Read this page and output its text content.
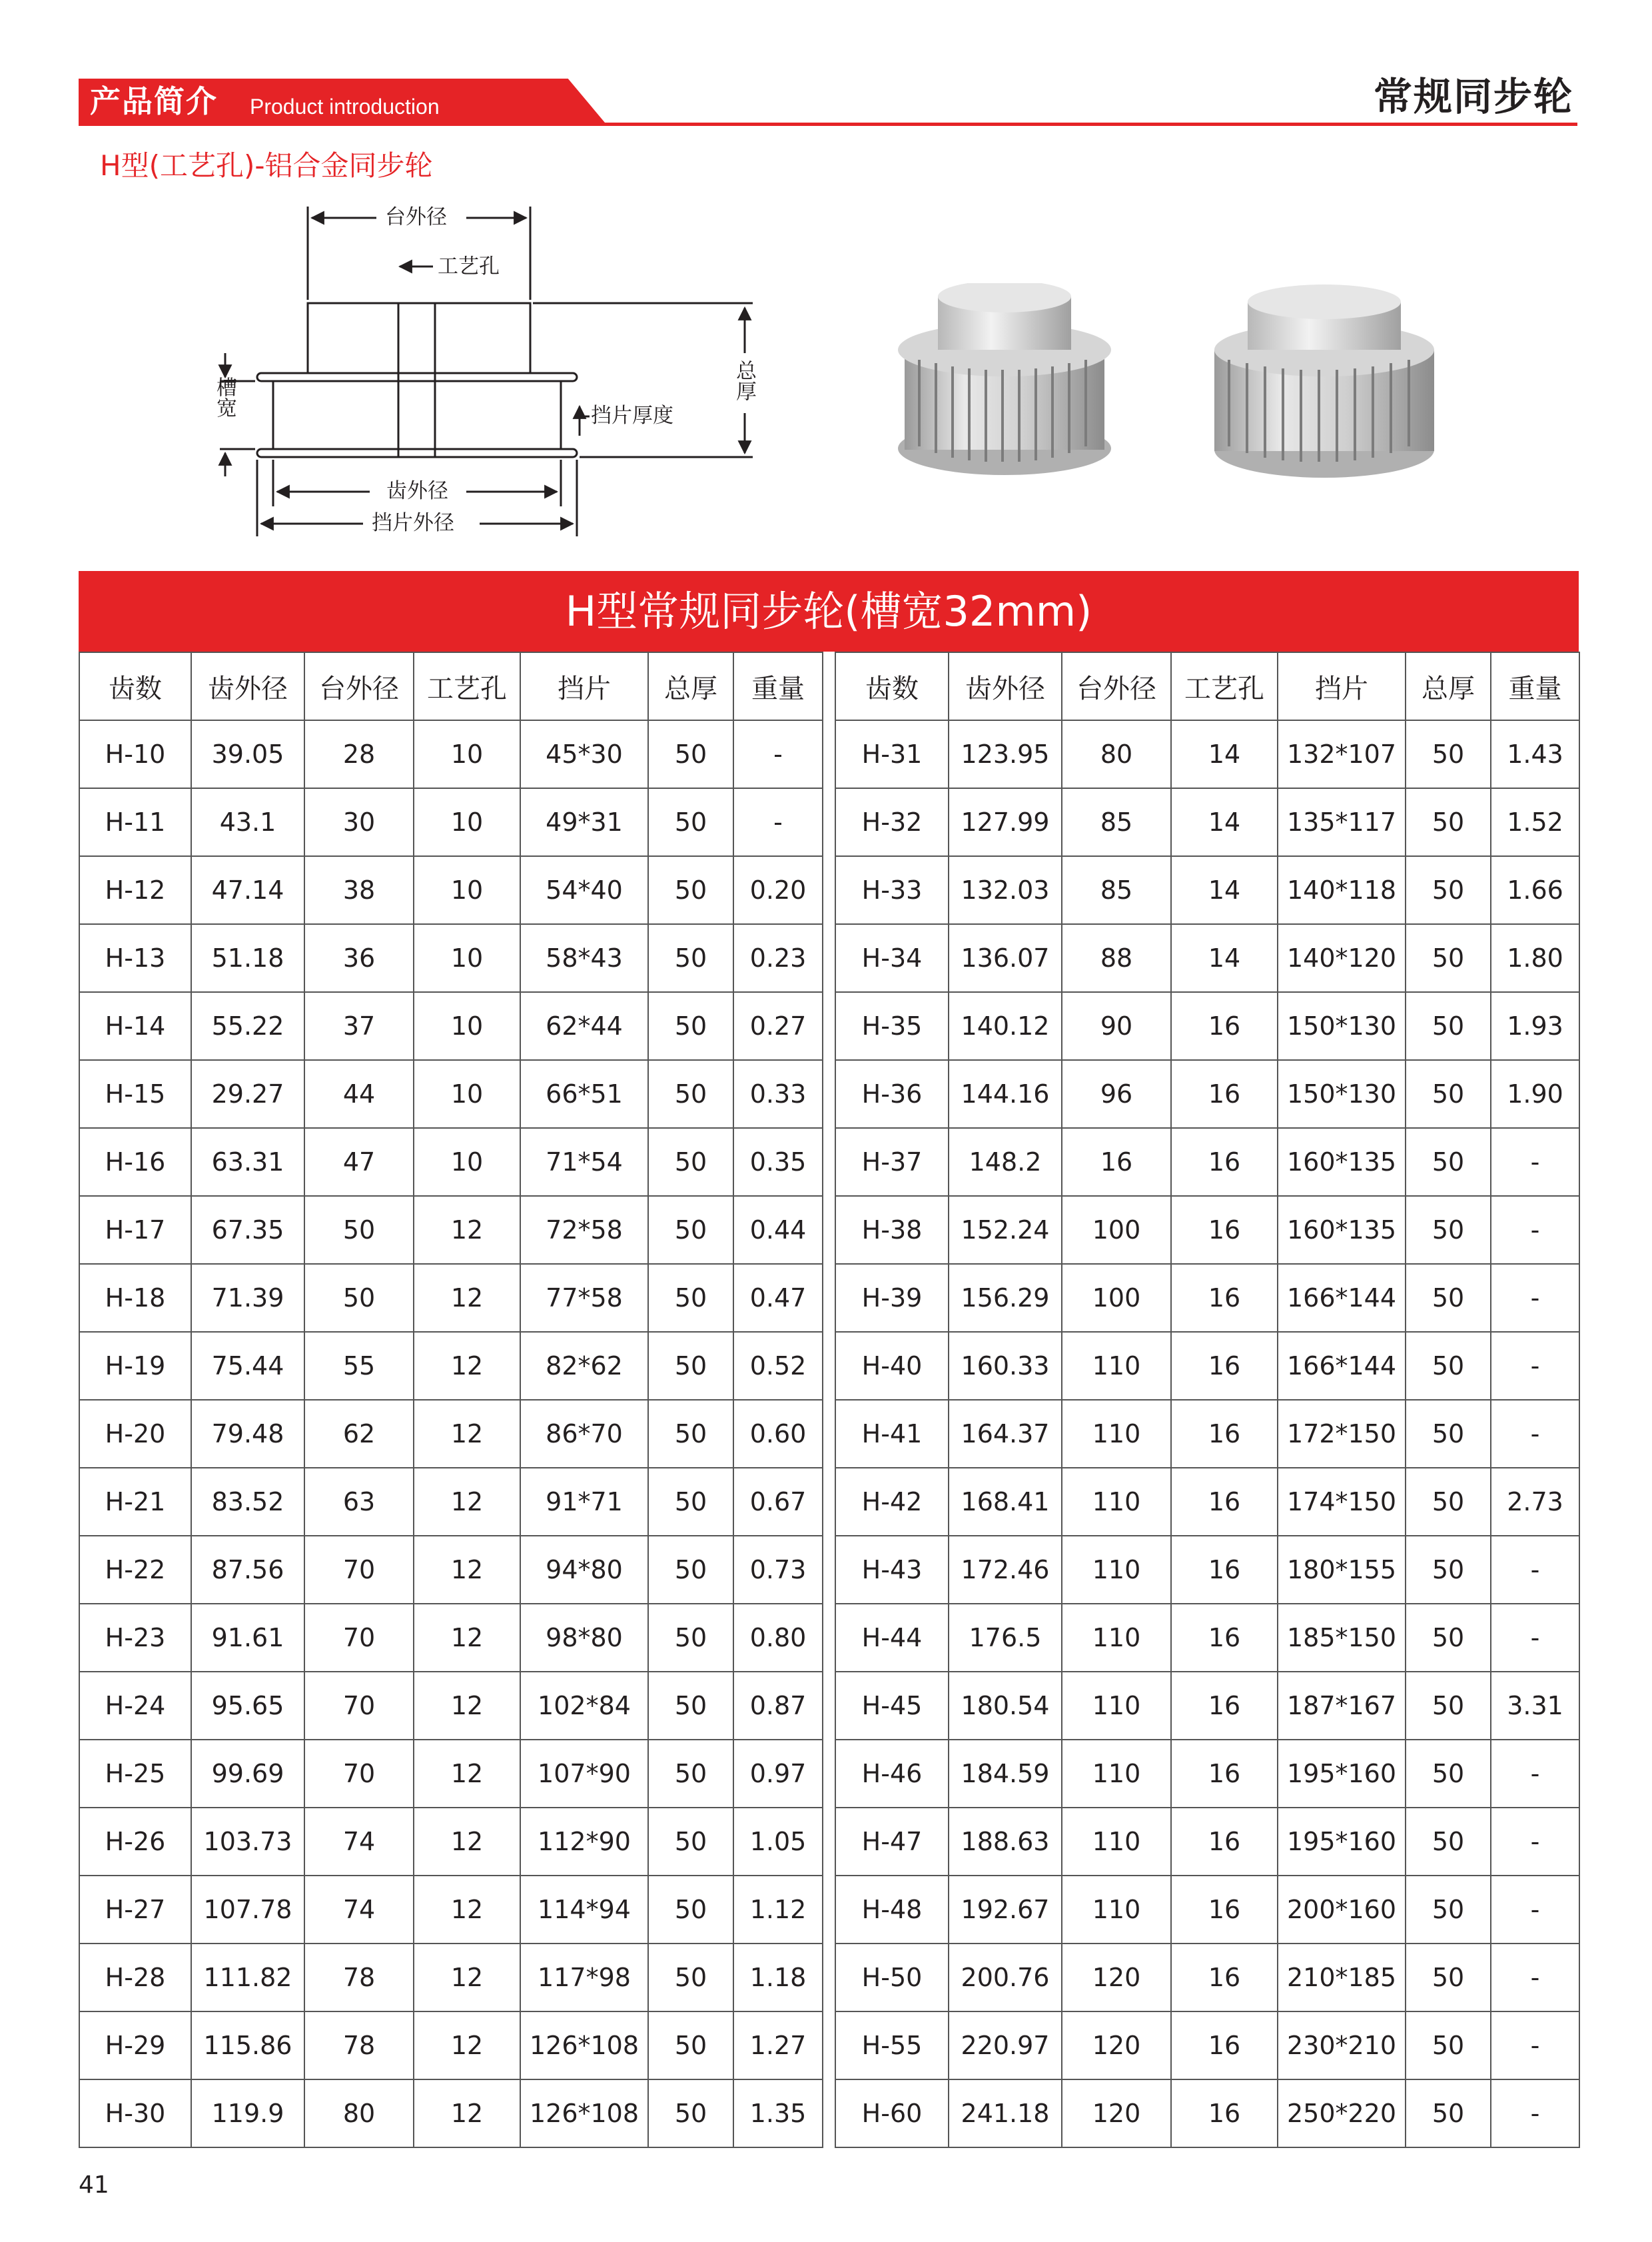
产品简介 Product introduction	常规同步轮
H型(工艺孔)-铝合金同步轮
台外径
工艺孔
槽宽	挡片厚度
总厚
齿外径
挡片外径
H型常规同步轮(槽宽32mm)
齿数	齿外径	台外径	工艺孔	挡片	总厚	重量
H-10	39.05	28	10	45*30	50	-
H-11	43.1	30	10	49*31	50	-
H-12	47.14	38	10	54*40	50	0.20
H-13	51.18	36	10	58*43	50	0.23
H-14	55.22	37	10	62*44	50	0.27
H-15	29.27	44	10	66*51	50	0.33
H-16	63.31	47	10	71*54	50	0.35
H-17	67.35	50	12	72*58	50	0.44
H-18	71.39	50	12	77*58	50	0.47
H-19	75.44	55	12	82*62	50	0.52
H-20	79.48	62	12	86*70	50	0.60
H-21	83.52	63	12	91*71	50	0.67
H-22	87.56	70	12	94*80	50	0.73
H-23	91.61	70	12	98*80	50	0.80
H-24	95.65	70	12	102*84	50	0.87
H-25	99.69	70	12	107*90	50	0.97
H-26	103.73	74	12	112*90	50	1.05
H-27	107.78	74	12	114*94	50	1.12
H-28	111.82	78	12	117*98	50	1.18
H-29	115.86	78	12	126*108	50	1.27
H-30	119.9	80	12	126*108	50	1.35
齿数	齿外径	台外径	工艺孔	挡片	总厚	重量
H-31	123.95	80	14	132*107	50	1.43
H-32	127.99	85	14	135*117	50	1.52
H-33	132.03	85	14	140*118	50	1.66
H-34	136.07	88	14	140*120	50	1.80
H-35	140.12	90	16	150*130	50	1.93
H-36	144.16	96	16	150*130	50	1.90
H-37	148.2	16	16	160*135	50	-
H-38	152.24	100	16	160*135	50	-
H-39	156.29	100	16	166*144	50	-
H-40	160.33	110	16	166*144	50	-
H-41	164.37	110	16	172*150	50	-
H-42	168.41	110	16	174*150	50	2.73
H-43	172.46	110	16	180*155	50	-
H-44	176.5	110	16	185*150	50	-
H-45	180.54	110	16	187*167	50	3.31
H-46	184.59	110	16	195*160	50	-
H-47	188.63	110	16	195*160	50	-
H-48	192.67	110	16	200*160	50	-
H-50	200.76	120	16	210*185	50	-
H-55	220.97	120	16	230*210	50	-
H-60	241.18	120	16	250*220	50	-
41
